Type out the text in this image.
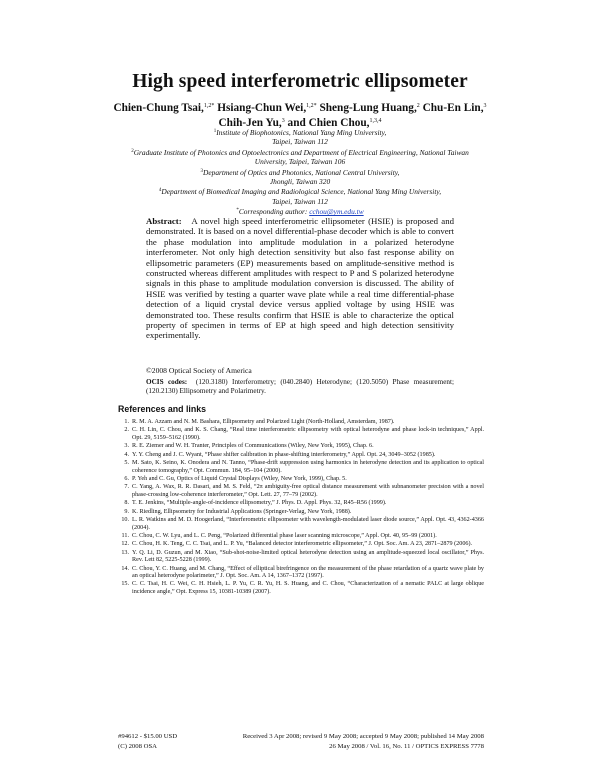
High speed interferometric ellipsometer
Chien-Chung Tsai,$^{1,2*}$ Hsiang-Chun Wei,$^{1,2*}$ Sheng-Lung Huang,$^2$ Chu-En Lin,$^3$
Chih-Jen Yu,$^3$ and Chien Chou,$^{1,3,4}$
$^1$Institute of Biophotonics, National Yang Ming University,
Taipei, Taiwan 112
$^2$Graduate Institute of Photonics and Optoelectronics and Department of Electrical Engineering, National Taiwan
University, Taipei, Taiwan 106
$^3$Department of Optics and Photonics, National Central University,
Jhongli, Taiwan 320
$^4$Department of Biomedical Imaging and Radiological Science, National Yang Ming University,
Taipei, Taiwan 112
*Corresponding author: cchou@ym.edu.tw
Abstract: A novel high speed interferometric ellipsometer (HSIE) is proposed and demonstrated. It is based on a novel differential-phase decoder which is able to convert the phase modulation into amplitude modulation in a polarized heterodyne interferometer. Not only high detection sensitivity but also fast response ability on ellipsometric parameters (EP) measurements based on amplitude-sensitive method is constructed whereas different amplitudes with respect to P and S polarized heterodyne signals in this phase to amplitude modulation conversion is discussed. The ability of HSIE was verified by testing a quarter wave plate while a real time differential-phase detection of a liquid crystal device versus applied voltage by using HSIE was demonstrated too. These results confirm that HSIE is able to characterize the optical property of specimen in terms of EP at high speed and high detection sensitivity experimentally.
©2008 Optical Society of America
OCIS codes: (120.3180) Interferometry; (040.2840) Heterodyne; (120.5050) Phase measurement; (120.2130) Ellipsometry and Polarimetry.
References and links
1. R. M. A. Azzam and N. M. Bashara, Ellipsometry and Polarized Light (North-Holland, Amsterdam, 1987).
2. C. H. Lin, C. Chou, and K. S. Chang, “Real time interferometric ellipsometry with optical heterodyne and phase lock-in techniques,” Appl. Opt. 29, 5159–5162 (1990).
3. R. E. Ziemer and W. H. Tranter, Principles of Communications (Wiley, New York, 1995), Chap. 6.
4. Y. Y. Cheng and J. C. Wyant, “Phase shifter calibration in phase-shifting interferometry,” Appl. Opt. 24, 3049–3052 (1985).
5. M. Sato, K. Seino, K. Onodera and N. Tanno, “Phase-drift suppression using harmonics in heterodyne detection and its application to optical coherence tomography,” Opt. Commun. 184, 95–104 (2000).
6. P. Yeh and C. Gu, Optics of Liquid Crystal Displays (Wiley, New York, 1999), Chap. 5.
7. C. Yang, A. Wax, R. R. Dasari, and M. S. Feld, “2π ambiguity-free optical distance measurement with subnanometer precision with a novel phase-crossing low-coherence interferometer,” Opt. Lett. 27, 77–79 (2002).
8. T. E. Jenkins, “Multiple-angle-of-incidence ellipsometry,” J. Phys. D. Appl. Phys. 32, R45–R56 (1999).
9. K. Riedling, Ellipsometry for Industrial Applications (Springer-Verlag, New York, 1988).
10. L. R. Watkins and M. D. Hoogerland, “Interferometric ellipsometer with wavelength-modulated laser diode source,” Appl. Opt. 43, 4362-4366 (2004).
11. C. Chou, C. W. Lyu, and L. C. Peng, “Polarized differential phase laser scanning microscope,” Appl. Opt. 40, 95–99 (2001).
12. C. Chou, H. K. Teng, C. C. Tsai, and L. P. Yu, “Balanced detector interferometric ellipsometer,” J. Opt. Soc. Am. A 23, 2871–2879 (2006).
13. Y. Q. Li, D. Guzun, and M. Xiao, “Sub-shot-noise-limited optical heterodyne detection using an amplitude-squeezed local oscillator,” Phys. Rev. Lett 82, 5225-5228 (1999).
14. C. Chou, Y. C. Huang, and M. Chang, “Effect of elliptical birefringence on the measurement of the phase retardation of a quartz wave plate by an optical heterodyne polarimeter,” J. Opt. Soc. Am. A 14, 1367–1372 (1997).
15. C. C. Tsai, H. C. Wei, C. H. Hsieh, L. P. Yu, C. R. Yu, H. S. Huang, and C. Chou, “Characterization of a nematic PALC at large oblique incidence angle,” Opt. Express 15, 10381-10389 (2007).
#94612 - $15.00 USD	Received 3 Apr 2008; revised 9 May 2008; accepted 9 May 2008; published 14 May 2008
(C) 2008 OSA	26 May 2008 / Vol. 16, No. 11 / OPTICS EXPRESS 7778
